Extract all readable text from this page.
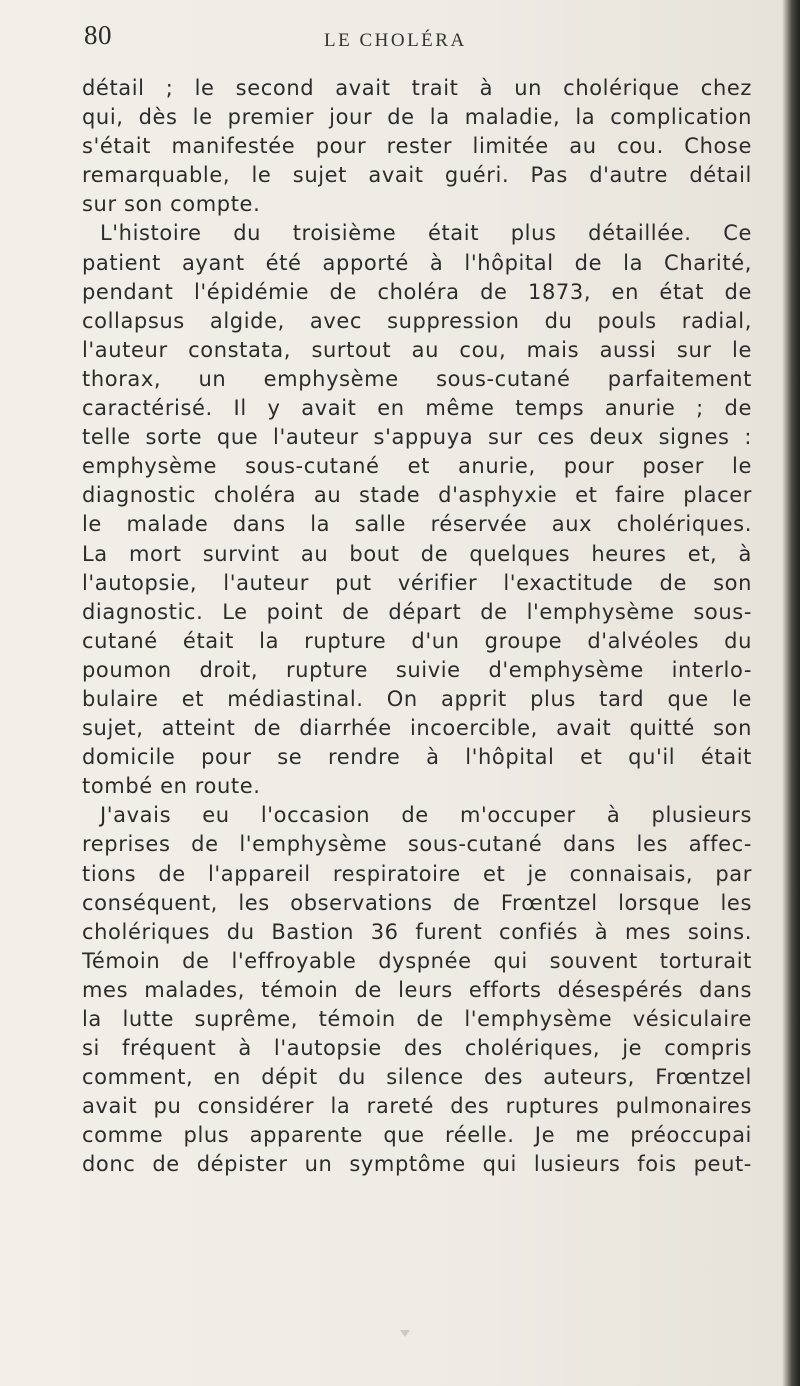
80	LE CHOLÉRA
détail ; le second avait trait à un cholérique chez
qui, dès le premier jour de la maladie, la complication
s'était manifestée pour rester limitée au cou. Chose
remarquable, le sujet avait guéri. Pas d'autre détail
sur son compte.
L'histoire du troisième était plus détaillée. Ce
patient ayant été apporté à l'hôpital de la Charité,
pendant l'épidémie de choléra de 1873, en état de
collapsus algide, avec suppression du pouls radial,
l'auteur constata, surtout au cou, mais aussi sur le
thorax, un emphysème sous-cutané parfaitement
caractérisé. Il y avait en même temps anurie ; de
telle sorte que l'auteur s'appuya sur ces deux signes :
emphysème sous-cutané et anurie, pour poser le
diagnostic choléra au stade d'asphyxie et faire placer
le malade dans la salle réservée aux cholériques.
La mort survint au bout de quelques heures et, à
l'autopsie, l'auteur put vérifier l'exactitude de son
diagnostic. Le point de départ de l'emphysème sous-
cutané était la rupture d'un groupe d'alvéoles du
poumon droit, rupture suivie d'emphysème interlo-
bulaire et médiastinal. On apprit plus tard que le
sujet, atteint de diarrhée incoercible, avait quitté son
domicile pour se rendre à l'hôpital et qu'il était
tombé en route.
J'avais eu l'occasion de m'occuper à plusieurs
reprises de l'emphysème sous-cutané dans les affec-
tions de l'appareil respiratoire et je connaisais, par
conséquent, les observations de Frœntzel lorsque les
cholériques du Bastion 36 furent confiés à mes soins.
Témoin de l'effroyable dyspnée qui souvent torturait
mes malades, témoin de leurs efforts désespérés dans
la lutte suprême, témoin de l'emphysème vésiculaire
si fréquent à l'autopsie des cholériques, je compris
comment, en dépit du silence des auteurs, Frœntzel
avait pu considérer la rareté des ruptures pulmonaires
comme plus apparente que réelle. Je me préoccupai
donc de dépister un symptôme qui lusieurs fois peut-
